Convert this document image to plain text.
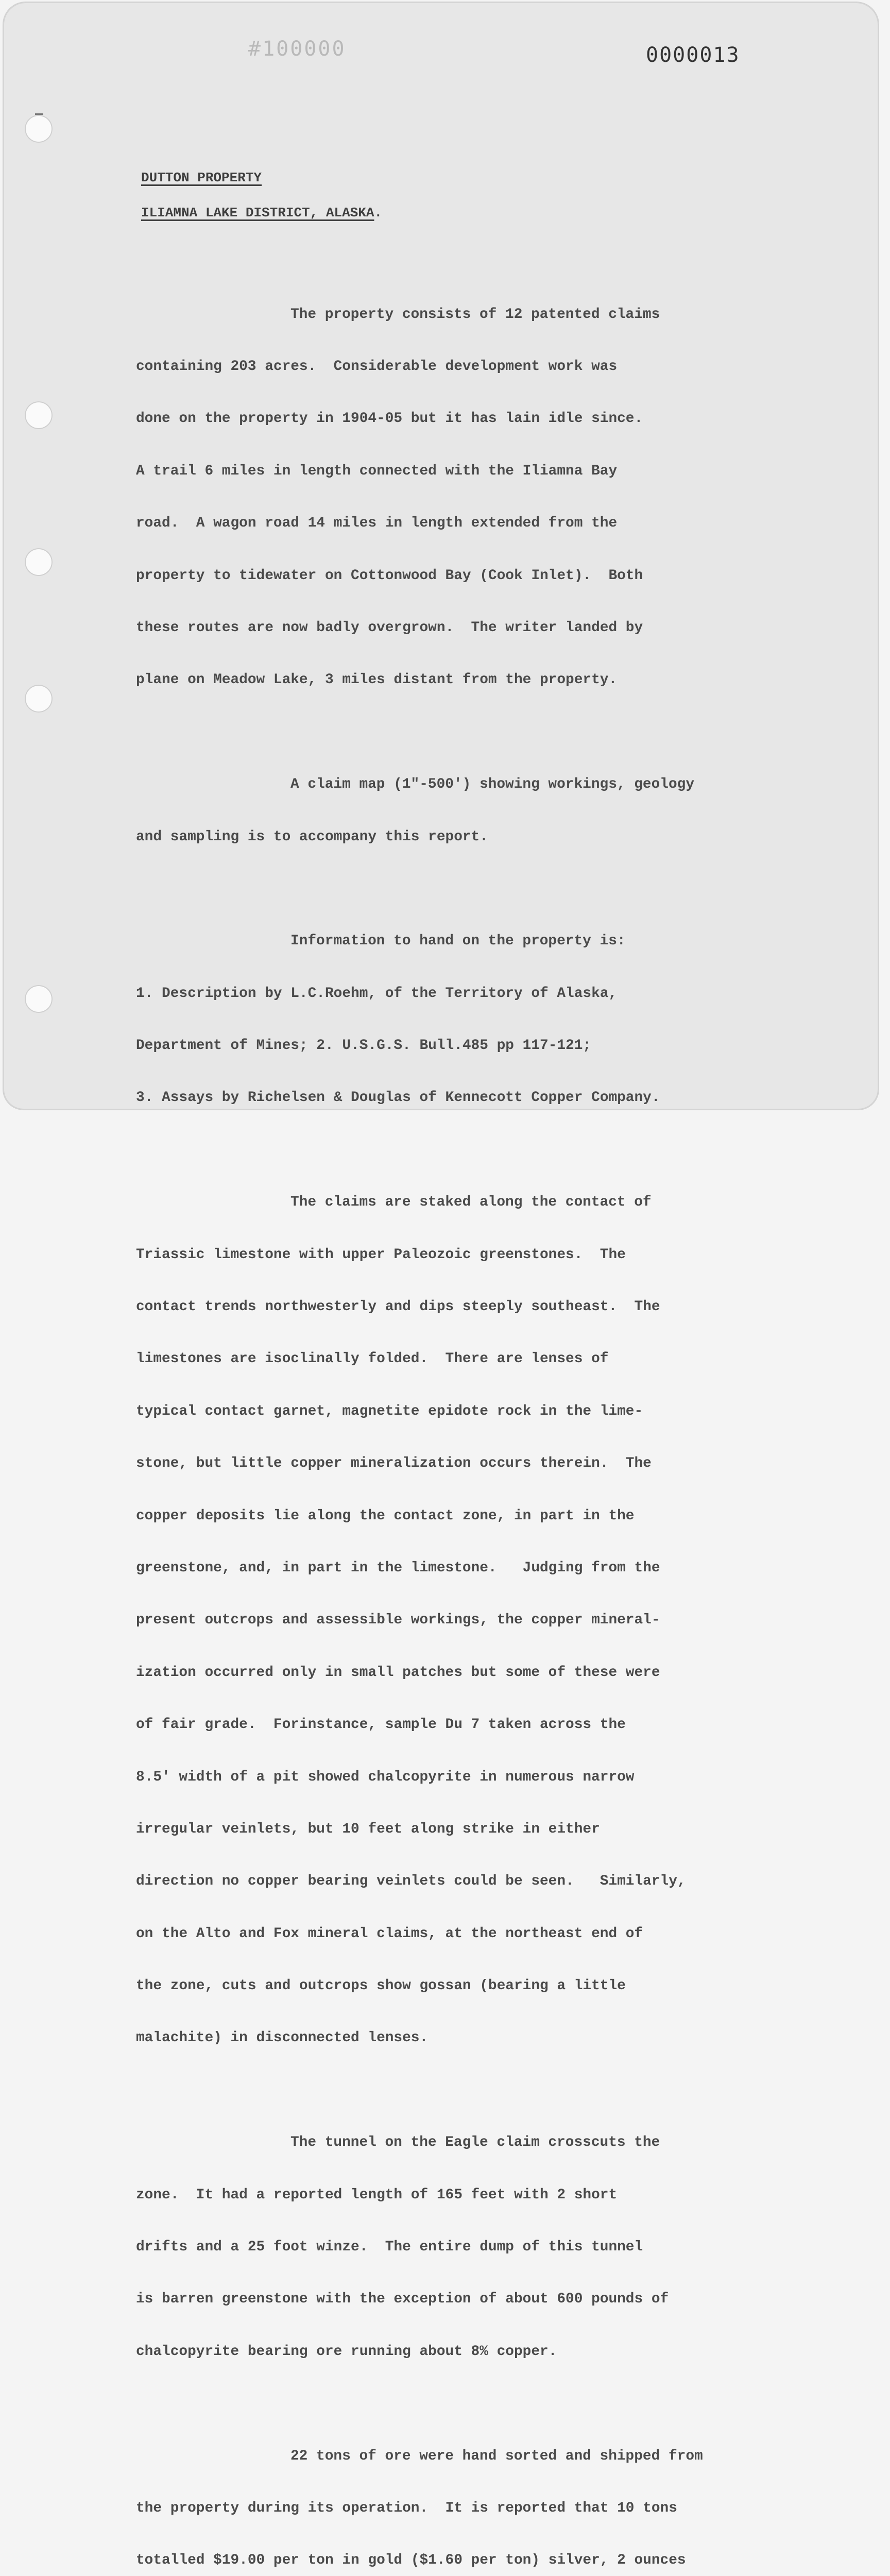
#100000	0000013
DUTTON PROPERTY
ILIAMNA LAKE DISTRICT, ALASKA.

The property consists of 12 patented claims

containing 203 acres.  Considerable development work was

done on the property in 1904-05 but it has lain idle since.

A trail 6 miles in length connected with the Iliamna Bay

road.  A wagon road 14 miles in length extended from the

property to tidewater on Cottonwood Bay (Cook Inlet).  Both

these routes are now badly overgrown.  The writer landed by

plane on Meadow Lake, 3 miles distant from the property.

A claim map (1"-500') showing workings, geology

and sampling is to accompany this report.

Information to hand on the property is:

1. Description by L.C.Roehm, of the Territory of Alaska,

Department of Mines; 2. U.S.G.S. Bull.485 pp 117-121;

3. Assays by Richelsen & Douglas of Kennecott Copper Company.

The claims are staked along the contact of

Triassic limestone with upper Paleozoic greenstones.  The

contact trends northwesterly and dips steeply southeast.  The

limestones are isoclinally folded.  There are lenses of

typical contact garnet, magnetite epidote rock in the lime-

stone, but little copper mineralization occurs therein.  The

copper deposits lie along the contact zone, in part in the

greenstone, and, in part in the limestone.   Judging from the

present outcrops and assessible workings, the copper mineral-

ization occurred only in small patches but some of these were

of fair grade.  Forinstance, sample Du 7 taken across the

8.5' width of a pit showed chalcopyrite in numerous narrow

irregular veinlets, but 10 feet along strike in either

direction no copper bearing veinlets could be seen.   Similarly,

on the Alto and Fox mineral claims, at the northeast end of

the zone, cuts and outcrops show gossan (bearing a little

malachite) in disconnected lenses.

The tunnel on the Eagle claim crosscuts the

zone.  It had a reported length of 165 feet with 2 short

drifts and a 25 foot winze.  The entire dump of this tunnel

is barren greenstone with the exception of about 600 pounds of

chalcopyrite bearing ore running about 8% copper.

22 tons of ore were hand sorted and shipped from

the property during its operation.  It is reported that 10 tons

totalled $19.00 per ton in gold ($1.60 per ton) silver, 2 ounces
